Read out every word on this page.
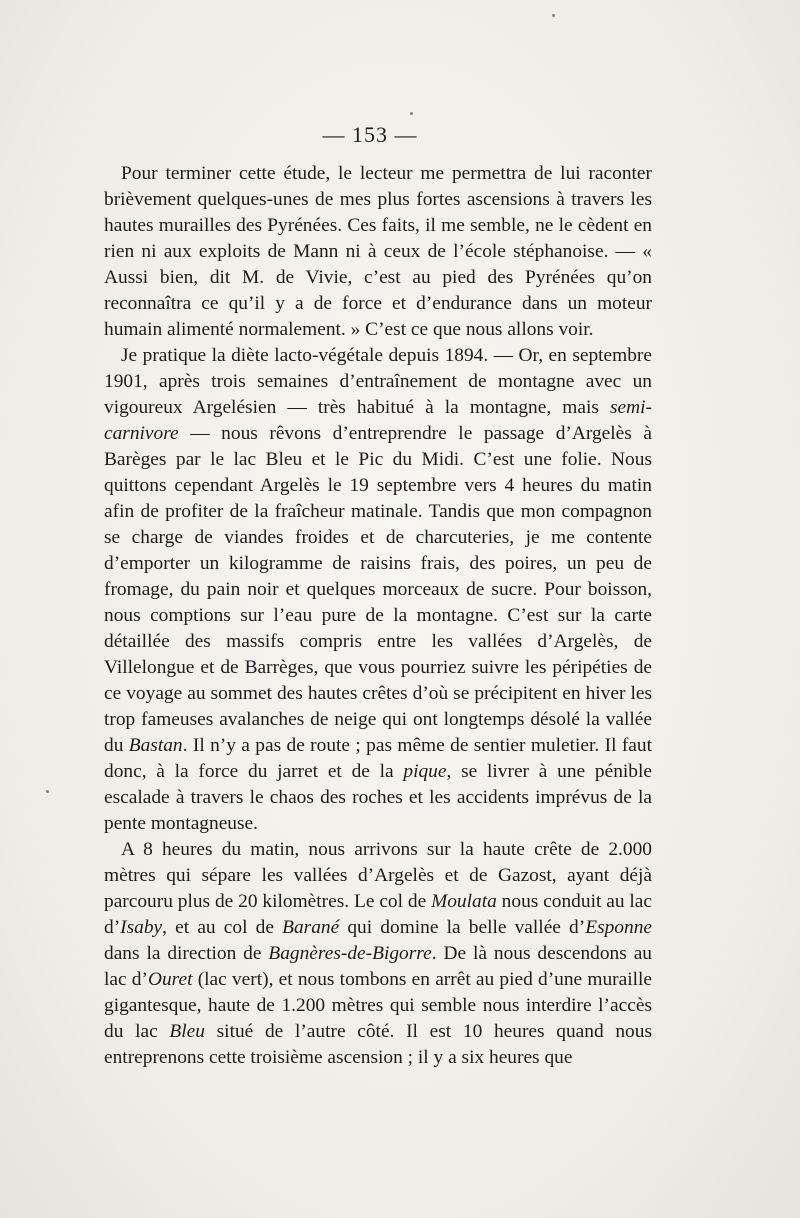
— 153 —

Pour terminer cette étude, le lecteur me permettra de lui raconter brièvement quelques-unes de mes plus fortes ascensions à travers les hautes murailles des Pyrénées. Ces faits, il me semble, ne le cèdent en rien ni aux exploits de Mann ni à ceux de l’école stéphanoise. — « Aussi bien, dit M. de Vivie, c’est au pied des Pyrénées qu’on reconnaîtra ce qu’il y a de force et d’endurance dans un moteur humain alimenté normalement. » C’est ce que nous allons voir.

Je pratique la diète lacto-végétale depuis 1894. — Or, en septembre 1901, après trois semaines d’entraînement de montagne avec un vigoureux Argelésien — très habitué à la montagne, mais semi-carnivore — nous rêvons d’entreprendre le passage d’Argelès à Barèges par le lac Bleu et le Pic du Midi. C’est une folie. Nous quittons cependant Argelès le 19 septembre vers 4 heures du matin afin de profiter de la fraîcheur matinale. Tandis que mon compagnon se charge de viandes froides et de charcuteries, je me contente d’emporter un kilogramme de raisins frais, des poires, un peu de fromage, du pain noir et quelques morceaux de sucre. Pour boisson, nous comptions sur l’eau pure de la montagne. C’est sur la carte détaillée des massifs compris entre les vallées d’Argelès, de Villelongue et de Barrèges, que vous pourriez suivre les péripéties de ce voyage au sommet des hautes crêtes d’où se précipitent en hiver les trop fameuses avalanches de neige qui ont longtemps désolé la vallée du Bastan. Il n’y a pas de route ; pas même de sentier muletier. Il faut donc, à la force du jarret et de la pique, se livrer à une pénible escalade à travers le chaos des roches et les accidents imprévus de la pente montagneuse.

A 8 heures du matin, nous arrivons sur la haute crête de 2.000 mètres qui sépare les vallées d’Argelès et de Gazost, ayant déjà parcouru plus de 20 kilomètres. Le col de Moulata nous conduit au lac d’Isaby, et au col de Barané qui domine la belle vallée d’Esponne dans la direction de Bagnères-de-Bigorre. De là nous descendons au lac d’Ouret (lac vert), et nous tombons en arrêt au pied d’une muraille gigantesque, haute de 1.200 mètres qui semble nous interdire l’accès du lac Bleu situé de l’autre côté. Il est 10 heures quand nous entreprenons cette troisième ascension ; il y a six heures que
